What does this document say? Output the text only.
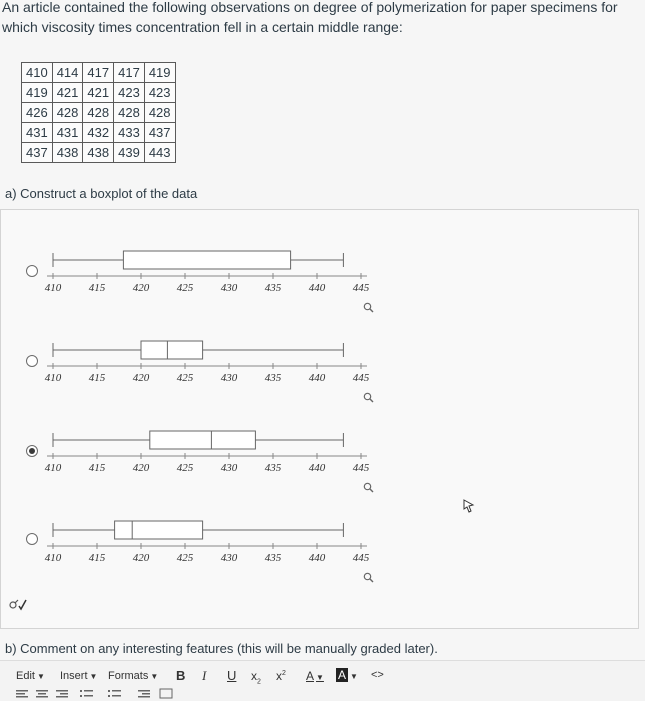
An article contained the following observations on degree of polymerization for paper specimens for which viscosity times concentration fell in a certain middle range:
410	414	417	417	419
419	421	421	423	423
426	428	428	428	428
431	431	432	433	437
437	438	438	439	443
a) Construct a boxplot of the data
410	415	420	425	430	435	440	445
410	415	420	425	430	435	440	445
410	415	420	425	430	435	440	445
410	415	420	425	430	435	440	445
b) Comment on any interesting features (this will be manually graded later).
Edit ▼ Insert ▼ Formats ▼ B I U $x_2$ $x^2$ A ▼ A ▼ <>
